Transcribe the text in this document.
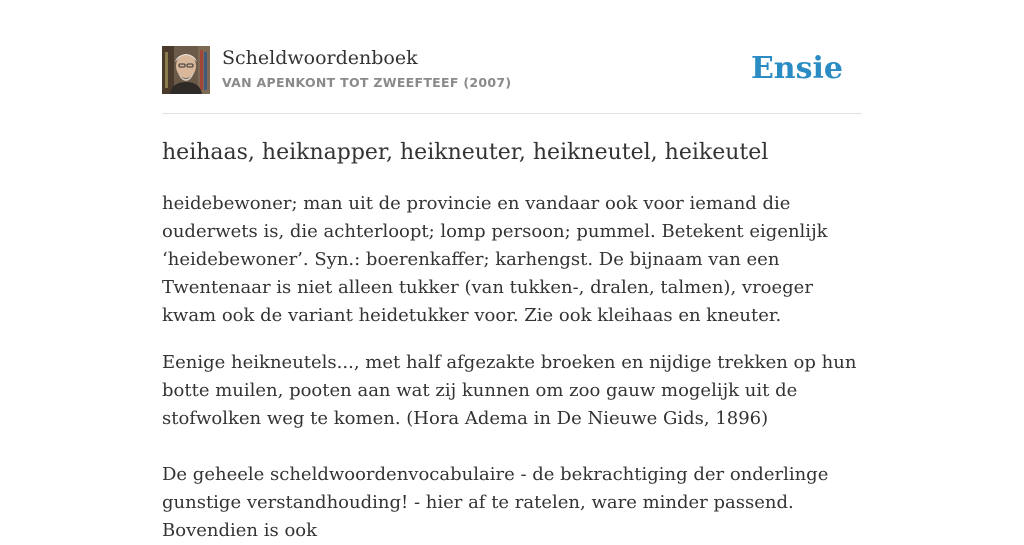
Scheldwoordenboek
VAN APENKONT TOT ZWEEFTEEF (2007)	Ensie
heihaas, heiknapper, heikneuter, heikneutel, heikeutel

heidebewoner; man uit de provincie en vandaar ook voor iemand die ouderwets is, die achterloopt; lomp persoon; pummel. Betekent eigenlijk ‘heidebewoner’. Syn.: boerenkaffer; karhengst. De bijnaam van een Twentenaar is niet alleen tukker (van tukken-, dralen, talmen), vroeger kwam ook de variant heidetukker voor. Zie ook kleihaas en kneuter.

Eenige heikneutels..., met half afgezakte broeken en nijdige trekken op hun botte muilen, pooten aan wat zij kunnen om zoo gauw mogelijk uit de stofwolken weg te komen. (Hora Adema in De Nieuwe Gids, 1896)

De geheele scheldwoordenvocabulaire - de bekrachtiging der onderlinge gunstige verstandhouding! - hier af te ratelen, ware minder passend. Bovendien is ook
